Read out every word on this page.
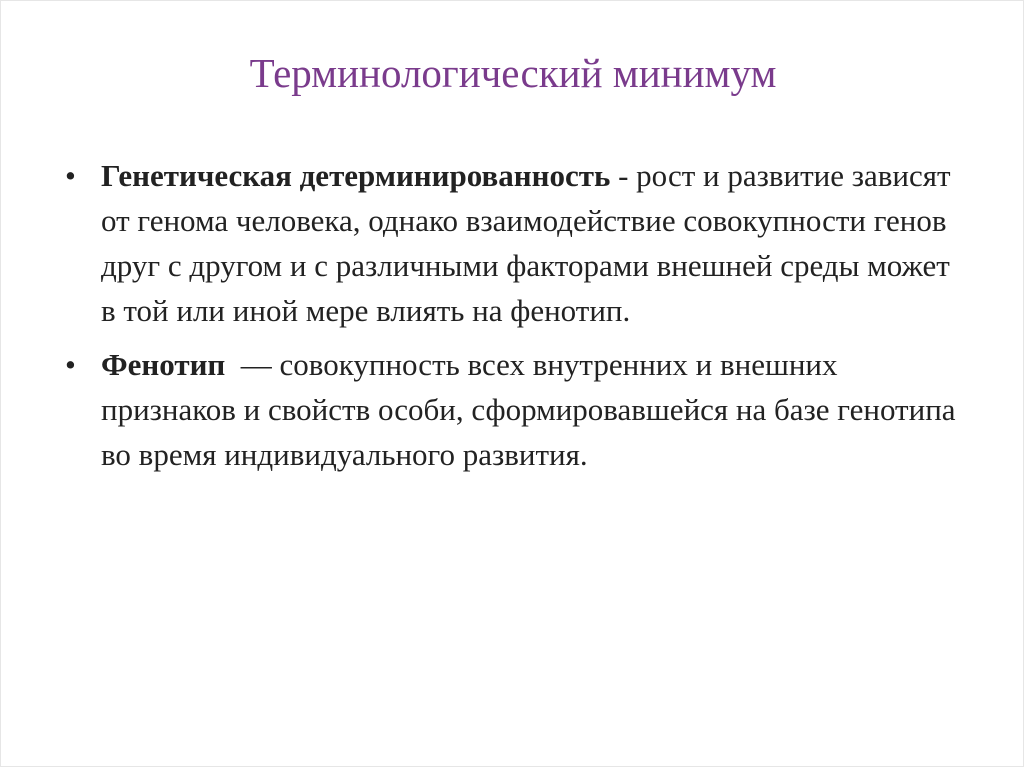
Терминологический минимум
• Генетическая детерминированность - рост и развитие зависят от генома человека, однако взаимодействие совокупности генов друг с другом и с различными факторами внешней среды может в той или иной мере влиять на фенотип.
• Фенотип  — совокупность всех внутренних и внешних признаков и свойств особи, сформировавшейся на базе генотипа во время индивидуального развития.
